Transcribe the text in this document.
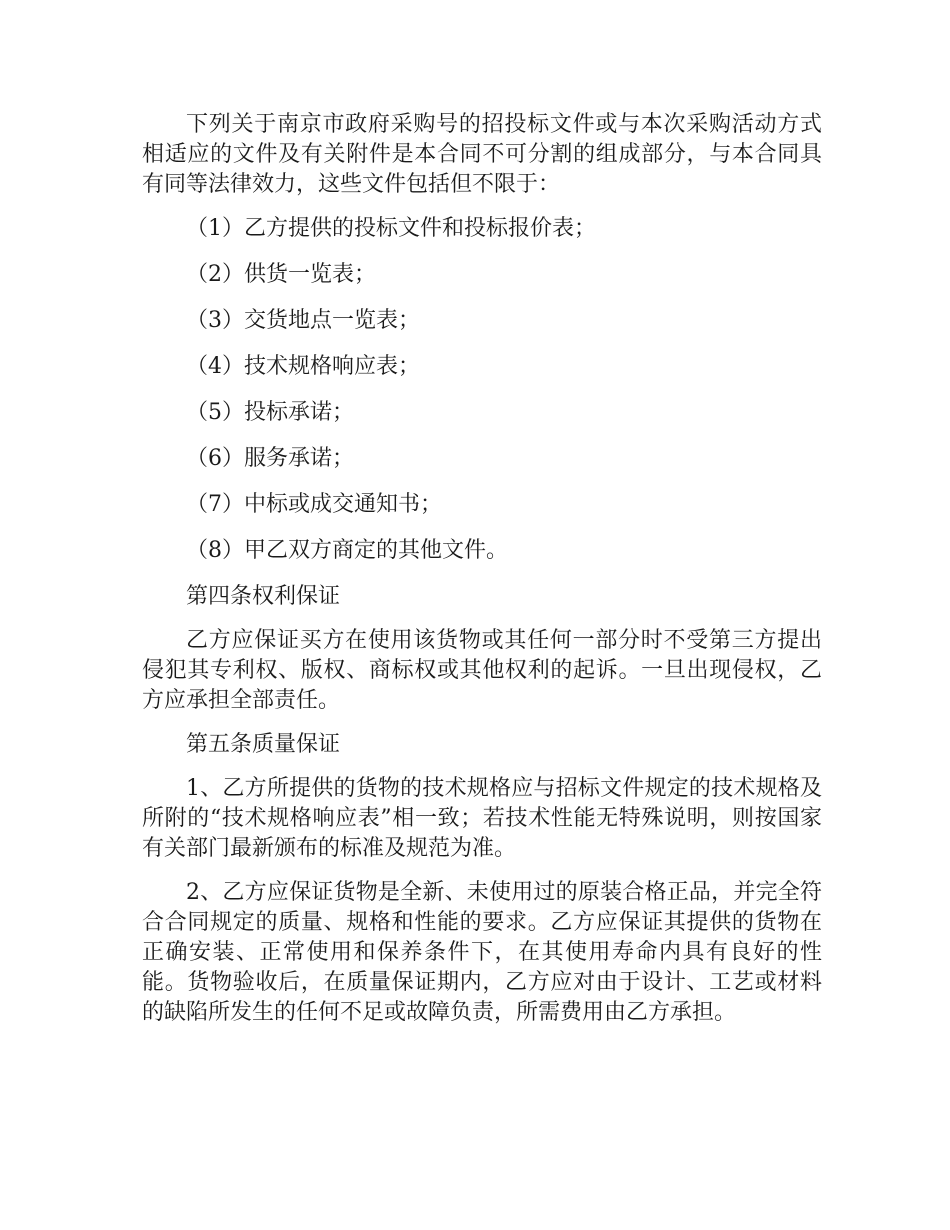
下列关于南京市政府采购号的招投标文件或与本次采购活动方式相适应的文件及有关附件是本合同不可分割的组成部分，与本合同具有同等法律效力，这些文件包括但不限于：

（1）乙方提供的投标文件和投标报价表；

（2）供货一览表；

（3）交货地点一览表；

（4）技术规格响应表；

（5）投标承诺；

（6）服务承诺；

（7）中标或成交通知书；

（8）甲乙双方商定的其他文件。

第四条权利保证

乙方应保证买方在使用该货物或其任何一部分时不受第三方提出侵犯其专利权、版权、商标权或其他权利的起诉。一旦出现侵权，乙方应承担全部责任。

第五条质量保证

1、乙方所提供的货物的技术规格应与招标文件规定的技术规格及所附的“技术规格响应表”相一致；若技术性能无特殊说明，则按国家有关部门最新颁布的标准及规范为准。

2、乙方应保证货物是全新、未使用过的原装合格正品，并完全符合合同规定的质量、规格和性能的要求。乙方应保证其提供的货物在正确安装、正常使用和保养条件下，在其使用寿命内具有良好的性能。货物验收后，在质量保证期内，乙方应对由于设计、工艺或材料的缺陷所发生的任何不足或故障负责，所需费用由乙方承担。
